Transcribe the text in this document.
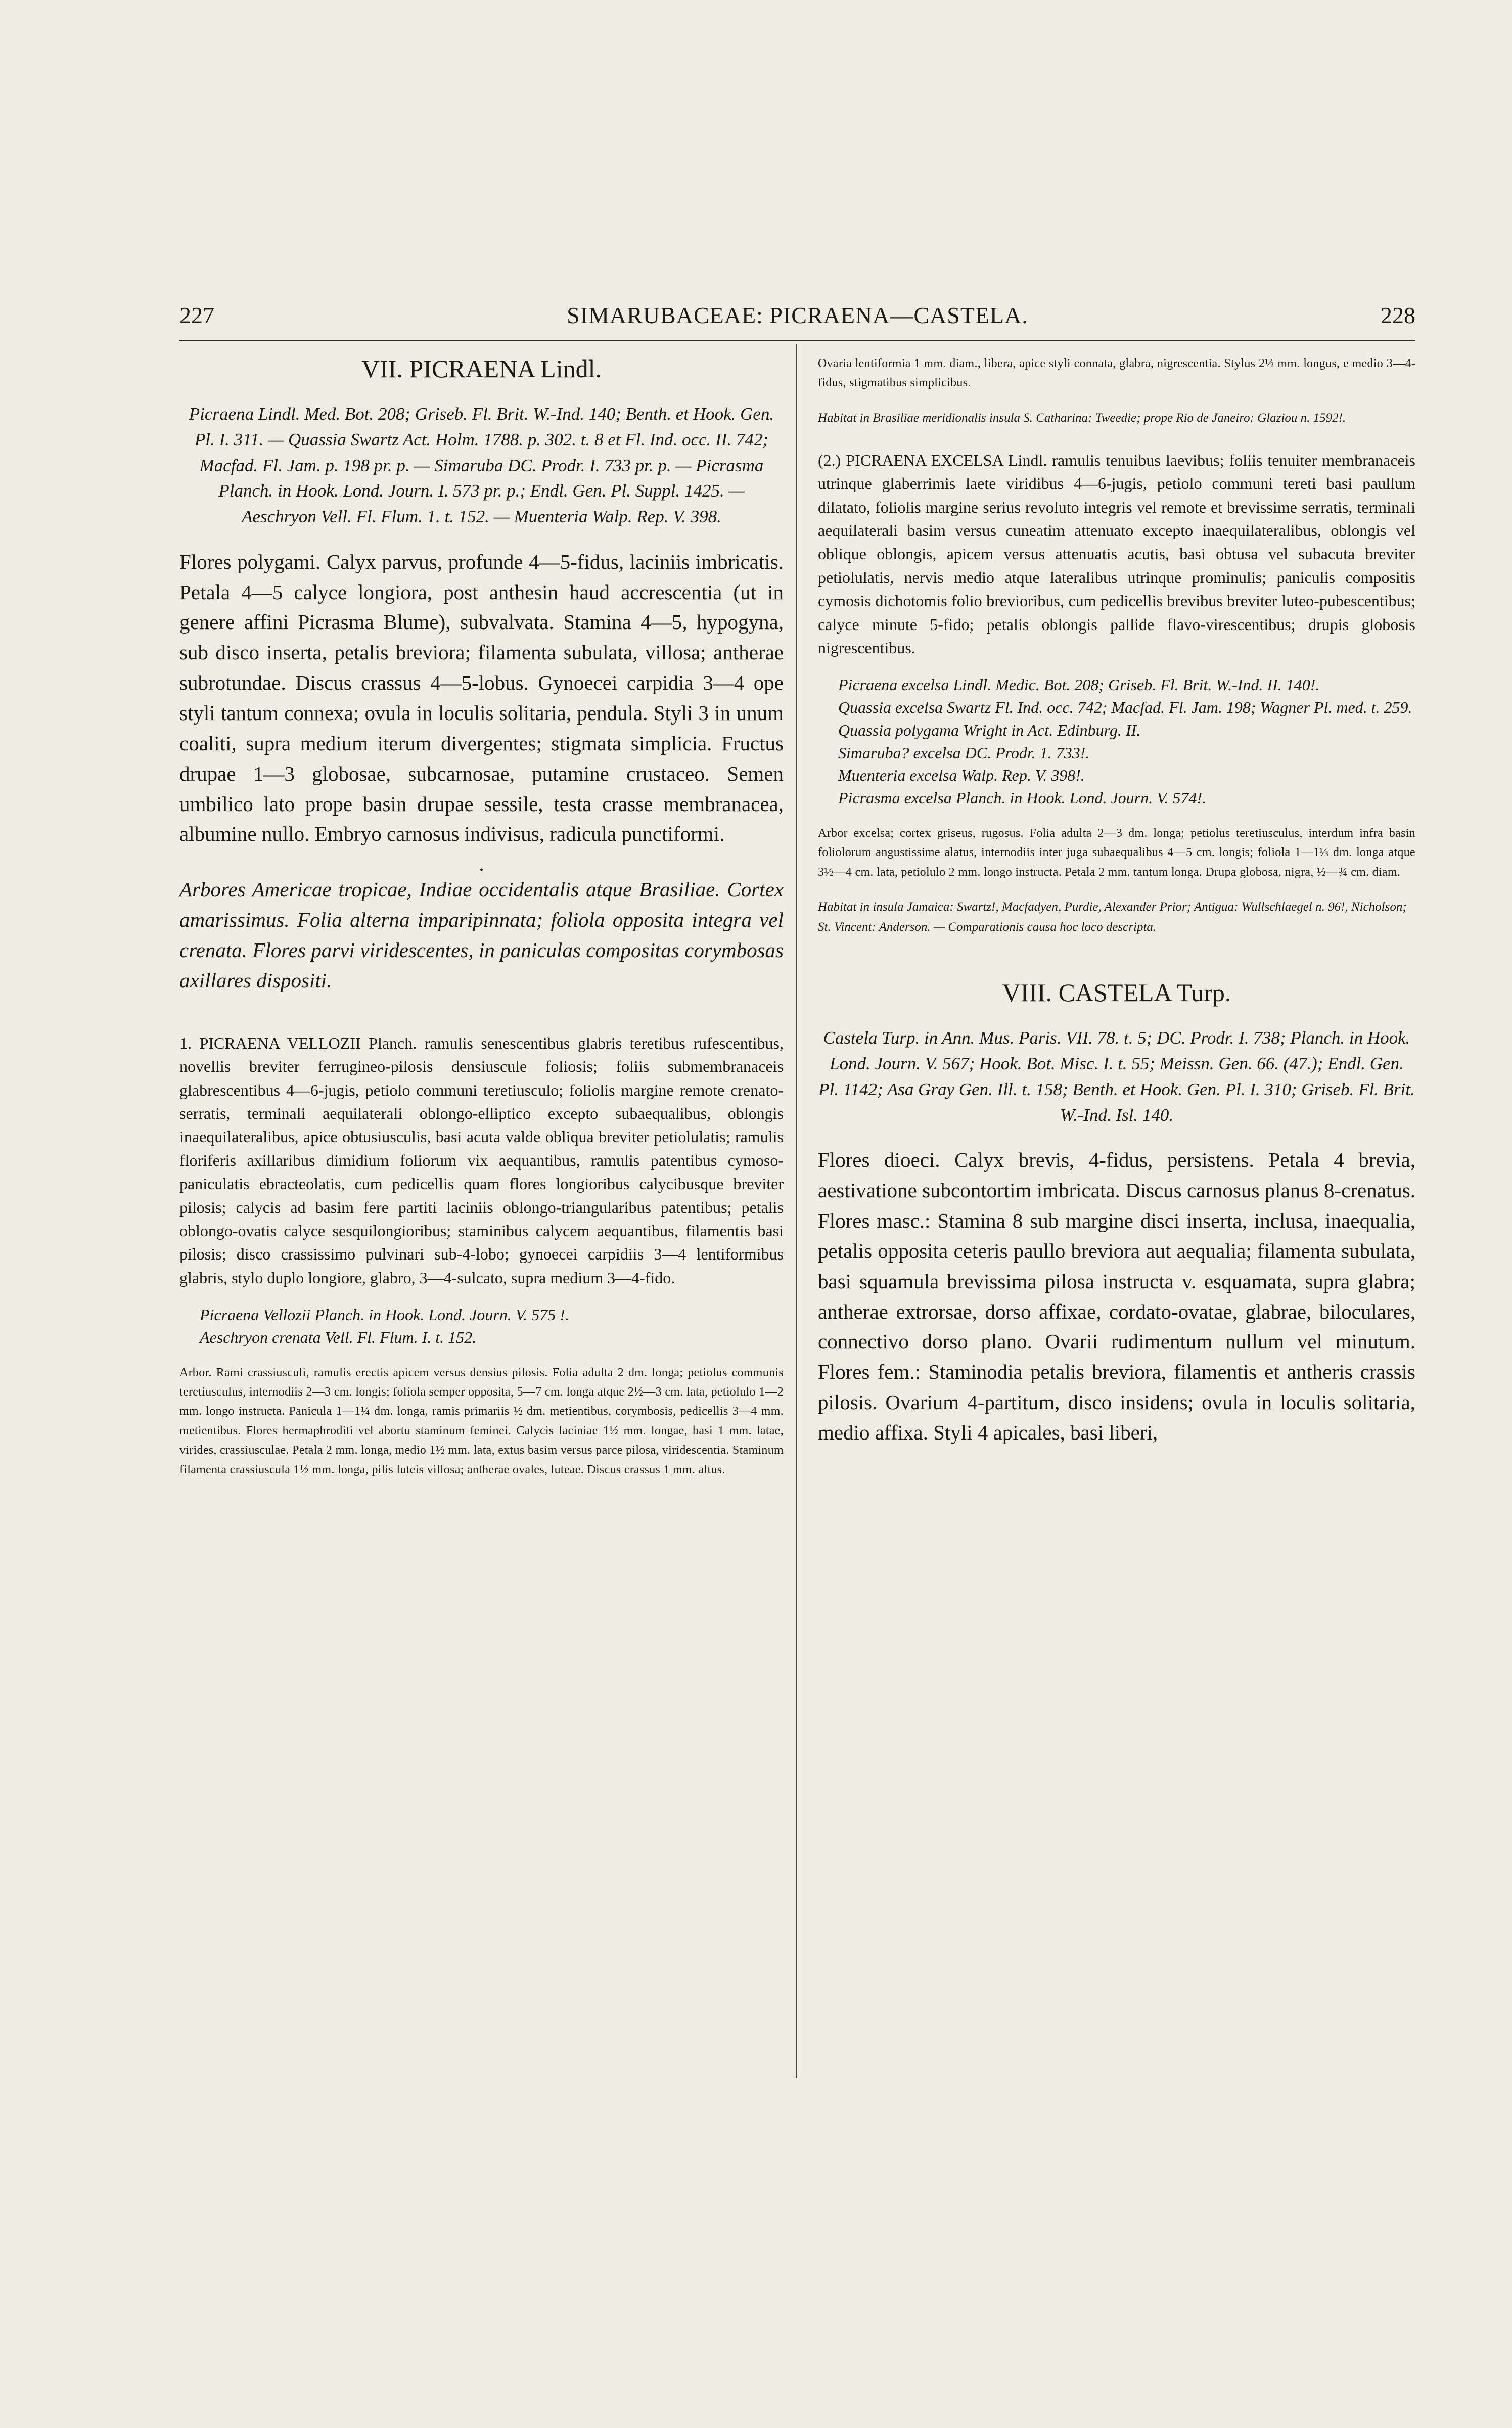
227	SIMARUBACEAE: PICRAENA—CASTELA.	228
VII. PICRAENA Lindl.
Picraena Lindl. Med. Bot. 208; Griseb. Fl. Brit. W.-Ind. 140; Benth. et Hook. Gen. Pl. I. 311. — Quassia Swartz Act. Holm. 1788. p. 302. t. 8 et Fl. Ind. occ. II. 742; Macfad. Fl. Jam. p. 198 pr. p. — Simaruba DC. Prodr. I. 733 pr. p. — Picrasma Planch. in Hook. Lond. Journ. I. 573 pr. p.; Endl. Gen. Pl. Suppl. 1425. — Aeschryon Vell. Fl. Flum. 1. t. 152. — Muenteria Walp. Rep. V. 398.
Flores polygami. Calyx parvus, profunde 4—5-fidus, laciniis imbricatis. Petala 4—5 calyce longiora, post anthesin haud accrescentia (ut in genere affini Picrasma Blume), subvalvata. Stamina 4—5, hypogyna, sub disco inserta, petalis breviora; filamenta subulata, villosa; antherae subrotundae. Discus crassus 4—5-lobus. Gynoecei carpidia 3—4 ope styli tantum connexa; ovula in loculis solitaria, pendula. Styli 3 in unum coaliti, supra medium iterum divergentes; stigmata simplicia. Fructus drupae 1—3 globosae, subcarnosae, putamine crustaceo. Semen umbilico lato prope basin drupae sessile, testa crasse membranacea, albumine nullo. Embryo carnosus indivisus, radicula punctiformi.
•
Arbores Americae tropicae, Indiae occidentalis atque Brasiliae. Cortex amarissimus. Folia alterna imparipinnata; foliola opposita integra vel crenata. Flores parvi viridescentes, in paniculas compositas corymbosas axillares dispositi.
1. PICRAENA VELLOZII Planch. ramulis senescentibus glabris teretibus rufescentibus, novellis breviter ferrugineo-pilosis densiuscule foliosis; foliis submembranaceis glabrescentibus 4—6-jugis, petiolo communi teretiusculo; foliolis margine remote crenato-serratis, terminali aequilaterali oblongo-elliptico excepto subaequalibus, oblongis inaequilateralibus, apice obtusiusculis, basi acuta valde obliqua breviter petiolulatis; ramulis floriferis axillaribus dimidium foliorum vix aequantibus, ramulis patentibus cymoso-paniculatis ebracteolatis, cum pedicellis quam flores longioribus calycibusque breviter pilosis; calycis ad basim fere partiti laciniis oblongo-triangularibus patentibus; petalis oblongo-ovatis calyce sesquilongioribus; staminibus calycem aequantibus, filamentis basi pilosis; disco crassissimo pulvinari sub-4-lobo; gynoecei carpidiis 3—4 lentiformibus glabris, stylo duplo longiore, glabro, 3—4-sulcato, supra medium 3—4-fido.
Picraena Vellozii Planch. in Hook. Lond. Journ. V. 575 !.
Aeschryon crenata Vell. Fl. Flum. I. t. 152.
Arbor. Rami crassiusculi, ramulis erectis apicem versus densius pilosis. Folia adulta 2 dm. longa; petiolus communis teretiusculus, internodiis 2—3 cm. longis; foliola semper opposita, 5—7 cm. longa atque 2½—3 cm. lata, petiolulo 1—2 mm. longo instructa. Panicula 1—1¼ dm. longa, ramis primariis ½ dm. metientibus, corymbosis, pedicellis 3—4 mm. metientibus. Flores hermaphroditi vel abortu staminum feminei. Calycis laciniae 1½ mm. longae, basi 1 mm. latae, virides, crassiusculae. Petala 2 mm. longa, medio 1½ mm. lata, extus basim versus parce pilosa, viridescentia. Staminum filamenta crassiuscula 1½ mm. longa, pilis luteis villosa; antherae ovales, luteae. Discus crassus 1 mm. altus.
Ovaria lentiformia 1 mm. diam., libera, apice styli connata, glabra, nigrescentia. Stylus 2½ mm. longus, e medio 3—4-fidus, stigmatibus simplicibus.
Habitat in Brasiliae meridionalis insula S. Catharina: Tweedie; prope Rio de Janeiro: Glaziou n. 1592!.
(2.) PICRAENA EXCELSA Lindl. ramulis tenuibus laevibus; foliis tenuiter membranaceis utrinque glaberrimis laete viridibus 4—6-jugis, petiolo communi tereti basi paullum dilatato, foliolis margine serius revoluto integris vel remote et brevissime serratis, terminali aequilaterali basim versus cuneatim attenuato excepto inaequilateralibus, oblongis vel oblique oblongis, apicem versus attenuatis acutis, basi obtusa vel subacuta breviter petiolulatis, nervis medio atque lateralibus utrinque prominulis; paniculis compositis cymosis dichotomis folio brevioribus, cum pedicellis brevibus breviter luteo-pubescentibus; calyce minute 5-fido; petalis oblongis pallide flavo-virescentibus; drupis globosis nigrescentibus.
Picraena excelsa Lindl. Medic. Bot. 208; Griseb. Fl. Brit. W.-Ind. II. 140!.
Quassia excelsa Swartz Fl. Ind. occ. 742; Macfad. Fl. Jam. 198; Wagner Pl. med. t. 259.
Quassia polygama Wright in Act. Edinburg. II.
Simaruba? excelsa DC. Prodr. 1. 733!.
Muenteria excelsa Walp. Rep. V. 398!.
Picrasma excelsa Planch. in Hook. Lond. Journ. V. 574!.
Arbor excelsa; cortex griseus, rugosus. Folia adulta 2—3 dm. longa; petiolus teretiusculus, interdum infra basin foliolorum angustissime alatus, internodiis inter juga subaequalibus 4—5 cm. longis; foliola 1—1⅓ dm. longa atque 3½—4 cm. lata, petiolulo 2 mm. longo instructa. Petala 2 mm. tantum longa. Drupa globosa, nigra, ½—¾ cm. diam.
Habitat in insula Jamaica: Swartz!, Macfadyen, Purdie, Alexander Prior; Antigua: Wullschlaegel n. 96!, Nicholson; St. Vincent: Anderson. — Comparationis causa hoc loco descripta.
VIII. CASTELA Turp.
Castela Turp. in Ann. Mus. Paris. VII. 78. t. 5; DC. Prodr. I. 738; Planch. in Hook. Lond. Journ. V. 567; Hook. Bot. Misc. I. t. 55; Meissn. Gen. 66. (47.); Endl. Gen. Pl. 1142; Asa Gray Gen. Ill. t. 158; Benth. et Hook. Gen. Pl. I. 310; Griseb. Fl. Brit. W.-Ind. Isl. 140.
Flores dioeci. Calyx brevis, 4-fidus, persistens. Petala 4 brevia, aestivatione subcontortim imbricata. Discus carnosus planus 8-crenatus. Flores masc.: Stamina 8 sub margine disci inserta, inclusa, inaequalia, petalis opposita ceteris paullo breviora aut aequalia; filamenta subulata, basi squamula brevissima pilosa instructa v. esquamata, supra glabra; antherae extrorsae, dorso affixae, cordato-ovatae, glabrae, biloculares, connectivo dorso plano. Ovarii rudimentum nullum vel minutum. Flores fem.: Staminodia petalis breviora, filamentis et antheris crassis pilosis. Ovarium 4-partitum, disco insidens; ovula in loculis solitaria, medio affixa. Styli 4 apicales, basi liberi,
